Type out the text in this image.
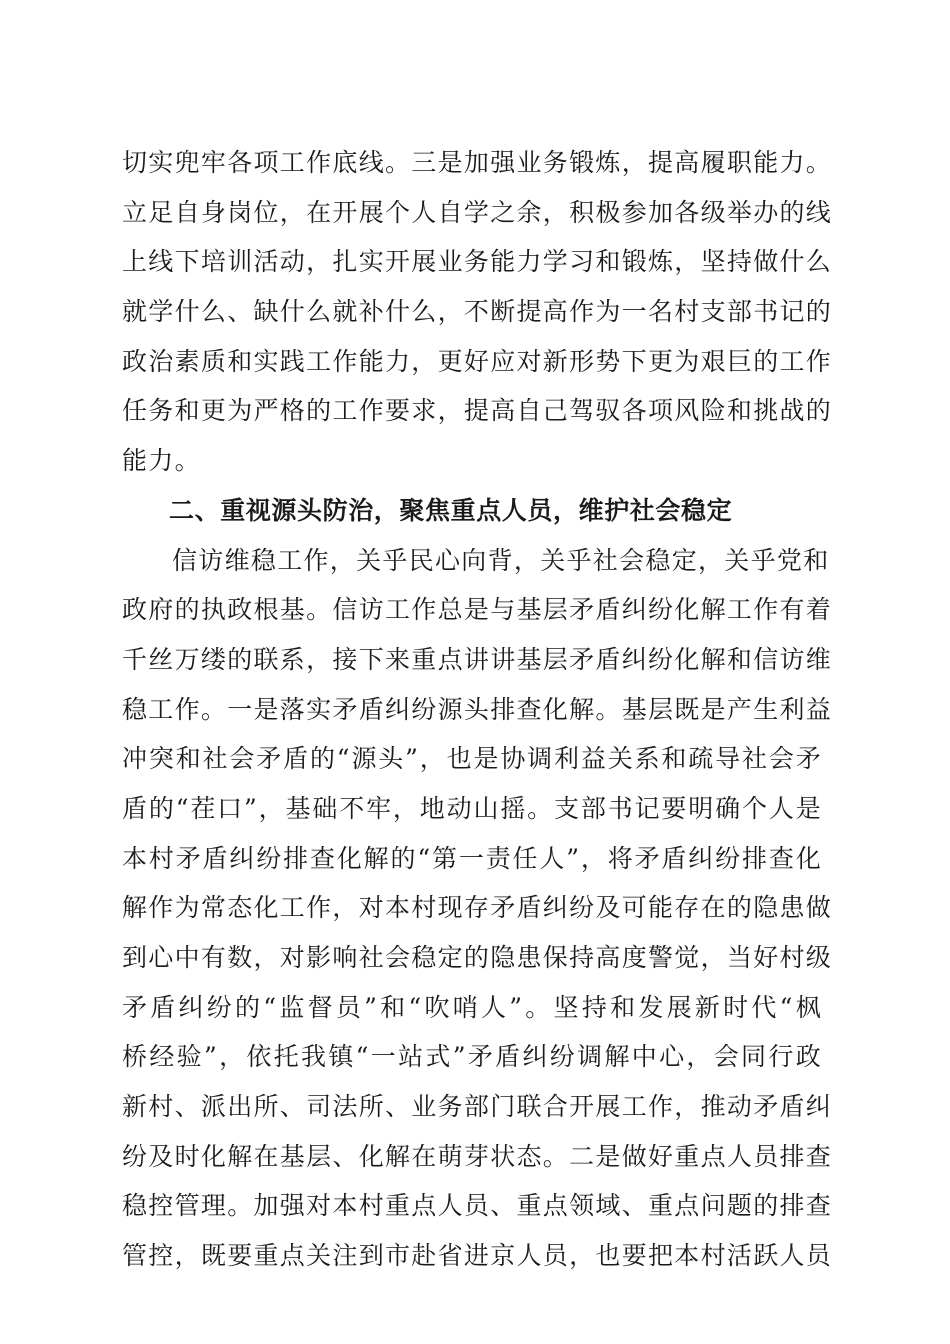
切实兜牢各项工作底线。三是加强业务锻炼，提高履职能力。
立足自身岗位，在开展个人自学之余，积极参加各级举办的线
上线下培训活动，扎实开展业务能力学习和锻炼，坚持做什么
就学什么、缺什么就补什么，不断提高作为一名村支部书记的
政治素质和实践工作能力，更好应对新形势下更为艰巨的工作
任务和更为严格的工作要求，提高自己驾驭各项风险和挑战的
能力。
二、重视源头防治，聚焦重点人员，维护社会稳定
信访维稳工作，关乎民心向背，关乎社会稳定，关乎党和
政府的执政根基。信访工作总是与基层矛盾纠纷化解工作有着
千丝万缕的联系，接下来重点讲讲基层矛盾纠纷化解和信访维
稳工作。一是落实矛盾纠纷源头排查化解。基层既是产生利益
冲突和社会矛盾的“源头”，也是协调利益关系和疏导社会矛
盾的“茬口”，基础不牢，地动山摇。支部书记要明确个人是
本村矛盾纠纷排查化解的“第一责任人”，将矛盾纠纷排查化
解作为常态化工作，对本村现存矛盾纠纷及可能存在的隐患做
到心中有数，对影响社会稳定的隐患保持高度警觉，当好村级
矛盾纠纷的“监督员”和“吹哨人”。坚持和发展新时代“枫
桥经验”，依托我镇“一站式”矛盾纠纷调解中心，会同行政
新村、派出所、司法所、业务部门联合开展工作，推动矛盾纠
纷及时化解在基层、化解在萌芽状态。二是做好重点人员排查
稳控管理。加强对本村重点人员、重点领域、重点问题的排查
管控，既要重点关注到市赴省进京人员，也要把本村活跃人员
